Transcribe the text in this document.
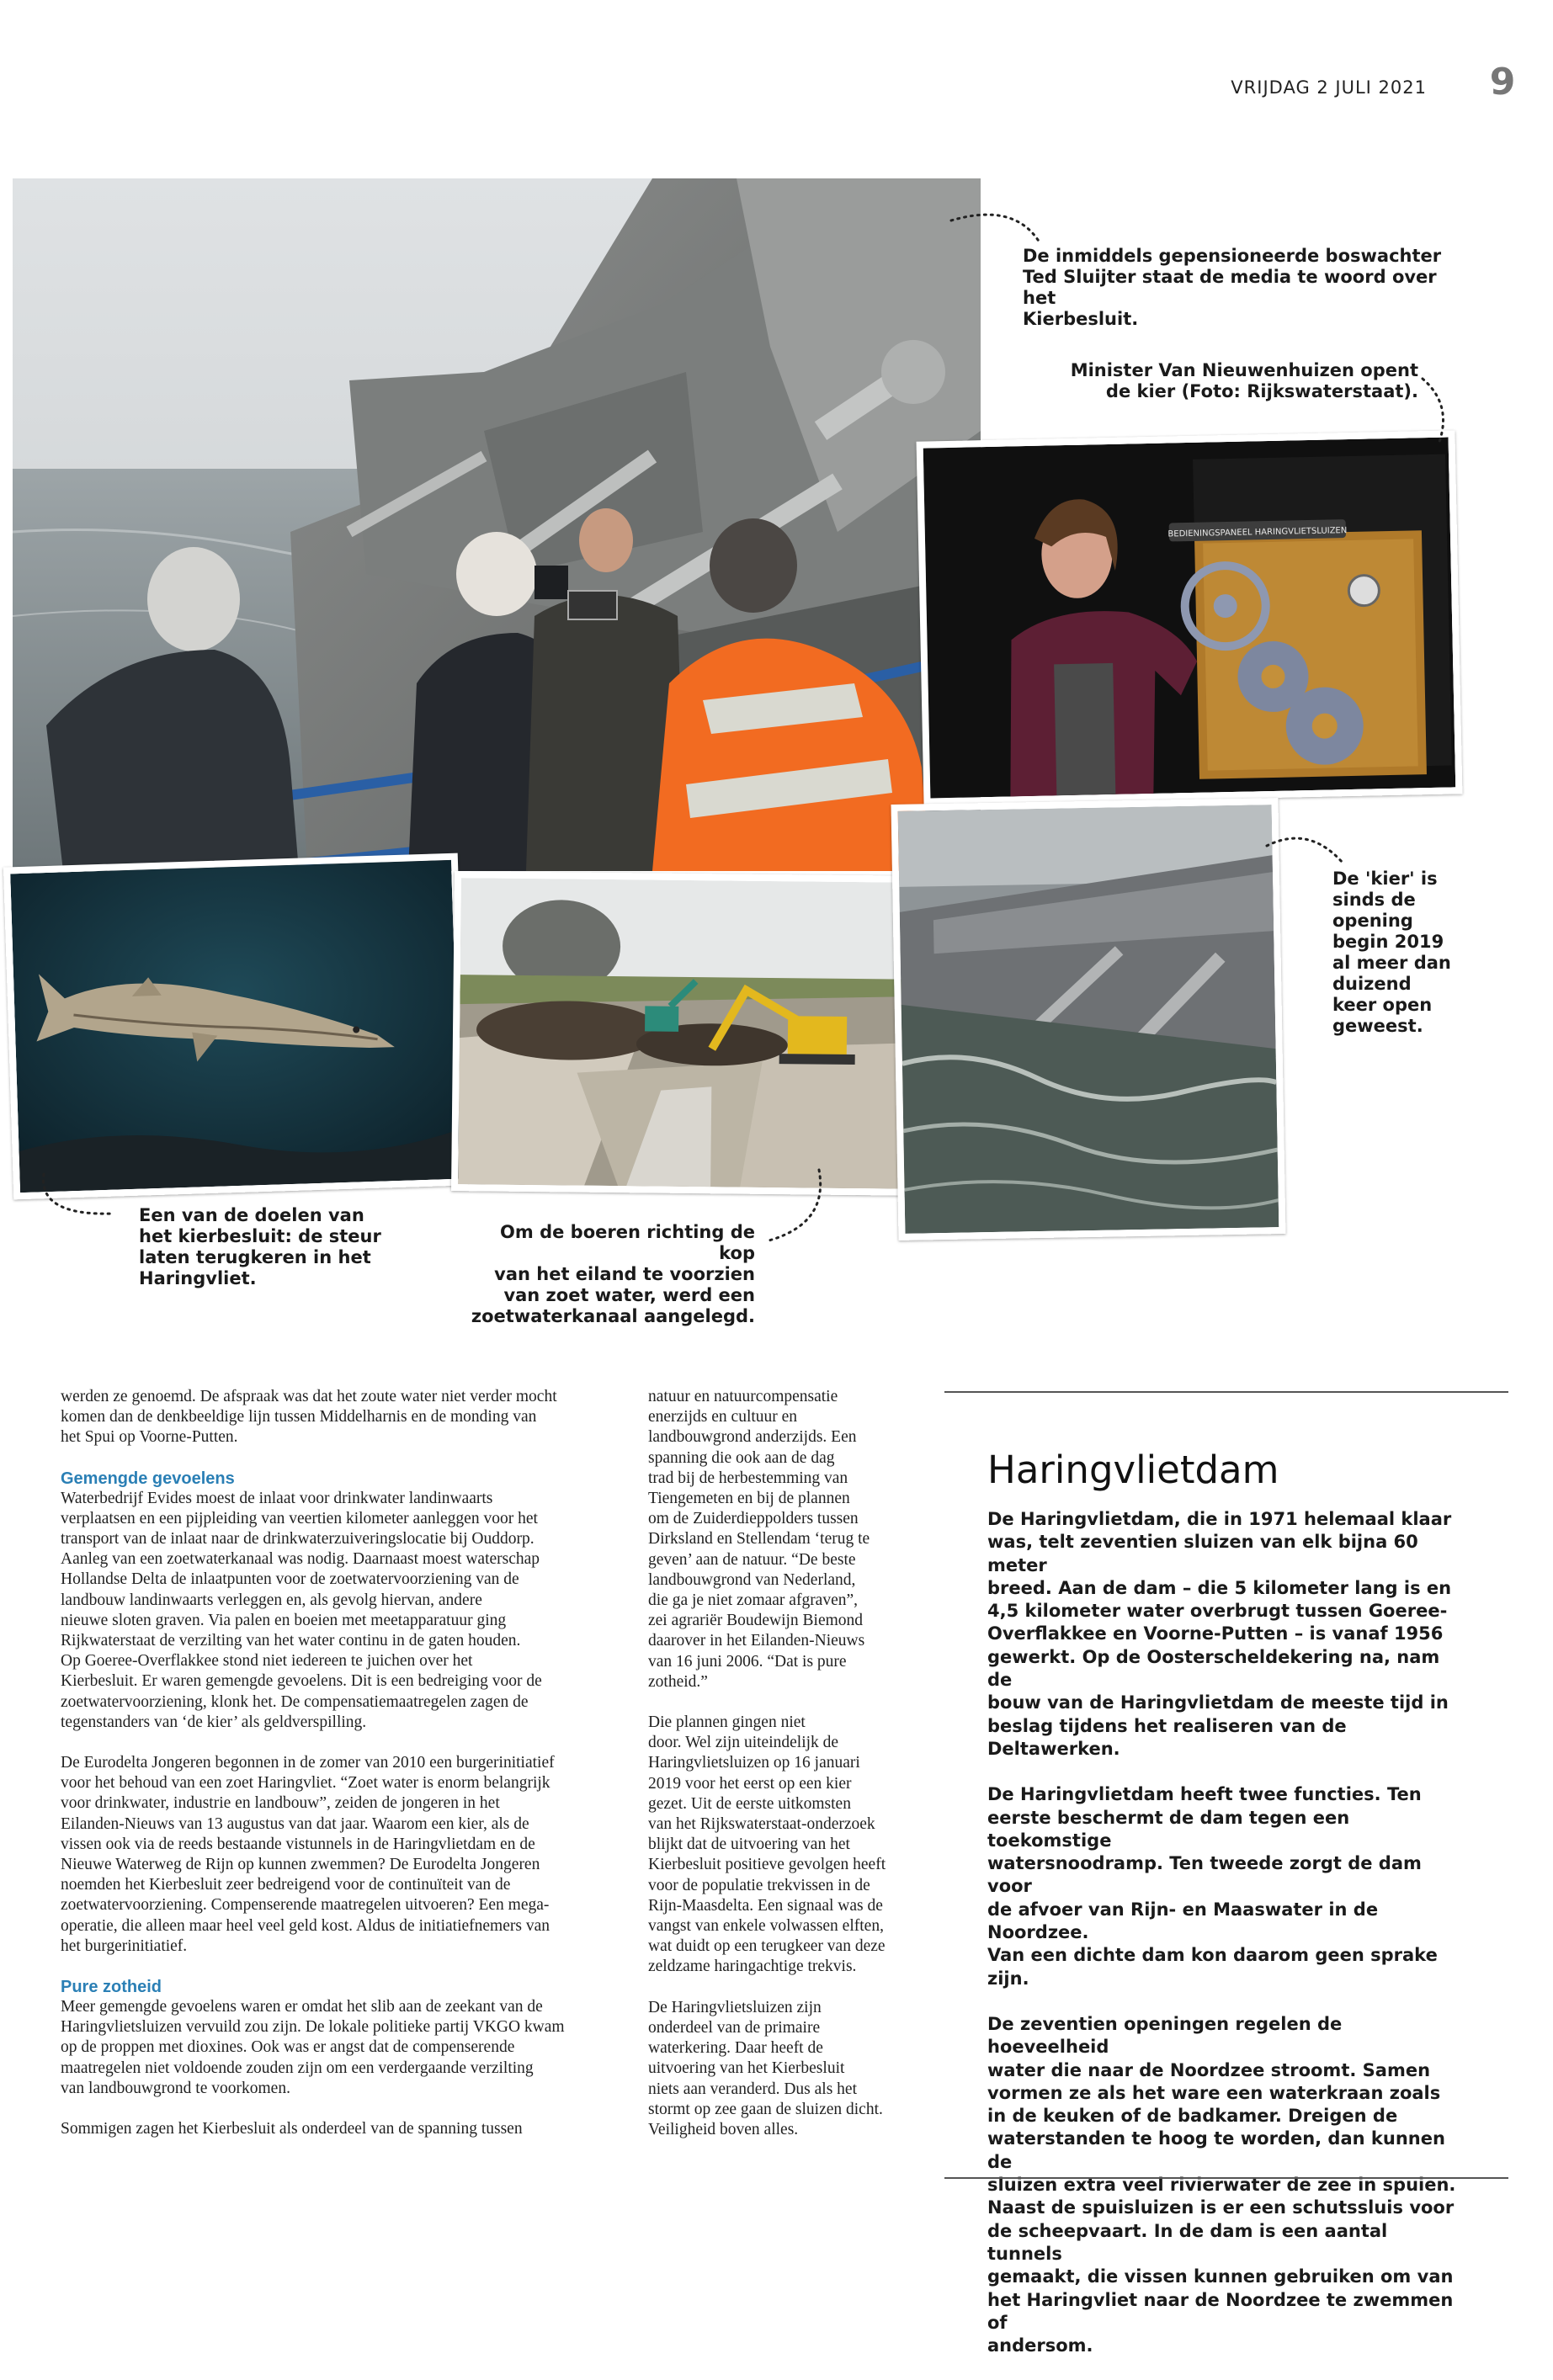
VRIJDAG 2 JULI 2021	9
BEDIENINGSPANEEL HARINGVLIETSLUIZEN
De inmiddels gepensioneerde boswachter
Ted Sluijter staat de media te woord over het
Kierbesluit.
Minister Van Nieuwenhuizen opent
de kier (Foto: Rijkswaterstaat).
De 'kier' is
sinds de
opening
begin 2019
al meer dan
duizend
keer open
geweest.
Een van de doelen van
het kierbesluit: de steur
laten terugkeren in het
Haringvliet.
Om de boeren richting de kop
van het eiland te voorzien
van zoet water, werd een
zoetwaterkanaal aangelegd.

werden ze genoemd. De afspraak was dat het zoute water niet verder mocht
komen dan de denkbeeldige lijn tussen Middelharnis en de monding van
het Spui op Voorne-Putten.

Gemengde gevoelens

Waterbedrijf Evides moest de inlaat voor drinkwater landinwaarts
verplaatsen en een pijpleiding van veertien kilometer aanleggen voor het
transport van de inlaat naar de drinkwaterzuiveringslocatie bij Ouddorp.
Aanleg van een zoetwaterkanaal was nodig. Daarnaast moest waterschap
Hollandse Delta de inlaatpunten voor de zoetwatervoorziening van de
landbouw landinwaarts verleggen en, als gevolg hiervan, andere
nieuwe sloten graven. Via palen en boeien met meetapparatuur ging
Rijkwaterstaat de verzilting van het water continu in de gaten houden.
Op Goeree-Overflakkee stond niet iedereen te juichen over het
Kierbesluit. Er waren gemengde gevoelens. Dit is een bedreiging voor de
zoetwatervoorziening, klonk het. De compensatiemaatregelen zagen de
tegenstanders van ‘de kier’ als geldverspilling.

De Eurodelta Jongeren begonnen in de zomer van 2010 een burgerinitiatief
voor het behoud van een zoet Haringvliet. “Zoet water is enorm belangrijk
voor drinkwater, industrie en landbouw”, zeiden de jongeren in het
Eilanden-Nieuws van 13 augustus van dat jaar. Waarom een kier, als de
vissen ook via de reeds bestaande vistunnels in de Haringvlietdam en de
Nieuwe Waterweg de Rijn op kunnen zwemmen? De Eurodelta Jongeren
noemden het Kierbesluit zeer bedreigend voor de continuïteit van de
zoetwatervoorziening. Compenserende maatregelen uitvoeren? Een mega-
operatie, die alleen maar heel veel geld kost. Aldus de initiatiefnemers van
het burgerinitiatief.

Pure zotheid

Meer gemengde gevoelens waren er omdat het slib aan de zeekant van de
Haringvlietsluizen vervuild zou zijn. De lokale politieke partij VKGO kwam
op de proppen met dioxines. Ook was er angst dat de compenserende
maatregelen niet voldoende zouden zijn om een verdergaande verzilting
van landbouwgrond te voorkomen.

Sommigen zagen het Kierbesluit als onderdeel van de spanning tussen

natuur en natuurcompensatie
enerzijds en cultuur en
landbouwgrond anderzijds. Een
spanning die ook aan de dag
trad bij de herbestemming van
Tiengemeten en bij de plannen
om de Zuiderdieppolders tussen
Dirksland en Stellendam ‘terug te
geven’ aan de natuur. “De beste
landbouwgrond van Nederland,
die ga je niet zomaar afgraven”,
zei agrariër Boudewijn Biemond
daarover in het Eilanden-Nieuws
van 16 juni 2006. “Dat is pure
zotheid.”

Die plannen gingen niet
door. Wel zijn uiteindelijk de
Haringvlietsluizen op 16 januari
2019 voor het eerst op een kier
gezet. Uit de eerste uitkomsten
van het Rijkswaterstaat-onderzoek
blijkt dat de uitvoering van het
Kierbesluit positieve gevolgen heeft
voor de populatie trekvissen in de
Rijn-Maasdelta. Een signaal was de
vangst van enkele volwassen elften,
wat duidt op een terugkeer van deze
zeldzame haringachtige trekvis.

De Haringvlietsluizen zijn
onderdeel van de primaire
waterkering. Daar heeft de
uitvoering van het Kierbesluit
niets aan veranderd. Dus als het
stormt op zee gaan de sluizen dicht.
Veiligheid boven alles.

Haringvlietdam

De Haringvlietdam, die in 1971 helemaal klaar
was, telt zeventien sluizen van elk bijna 60 meter
breed. Aan de dam – die 5 kilometer lang is en
4,5 kilometer water overbrugt tussen Goeree-
Overflakkee en Voorne-Putten – is vanaf 1956
gewerkt. Op de Oosterscheldekering na, nam de
bouw van de Haringvlietdam de meeste tijd in
beslag tijdens het realiseren van de Deltawerken.

De Haringvlietdam heeft twee functies. Ten
eerste beschermt de dam tegen een toekomstige
watersnoodramp. Ten tweede zorgt de dam voor
de afvoer van Rijn- en Maaswater in de Noordzee.
Van een dichte dam kon daarom geen sprake zijn.

De zeventien openingen regelen de hoeveelheid
water die naar de Noordzee stroomt. Samen
vormen ze als het ware een waterkraan zoals
in de keuken of de badkamer. Dreigen de
waterstanden te hoog te worden, dan kunnen de
sluizen extra veel rivierwater de zee in spuien.
Naast de spuisluizen is er een schutssluis voor
de scheepvaart. In de dam is een aantal tunnels
gemaakt, die vissen kunnen gebruiken om van
het Haringvliet naar de Noordzee te zwemmen of
andersom.
